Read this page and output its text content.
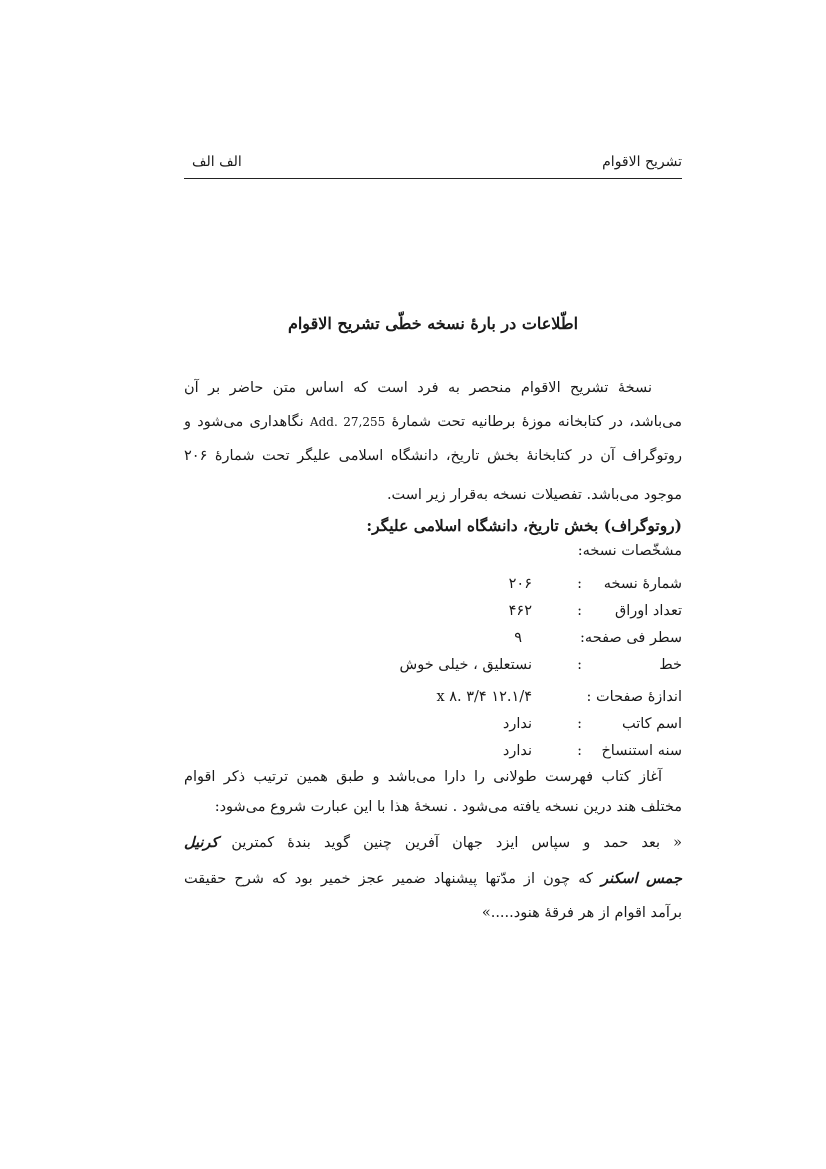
تشریح الاقوام
الف الف
اطّلاعات در بارۀ نسخه خطّی تشریح الاقوام
نسخۀ تشریح الاقوام منحصر به فرد است که اساس متن حاضر بر آن
می‌باشد، در کتابخانه موزۀ برطانیه تحت شمارۀ Add. 27,255 نگاهداری می‌شود و
روتوگراف آن در کتابخانۀ بخش تاریخ، دانشگاه اسلامی علیگر تحت شمارۀ ۲۰۶
موجود می‌باشد. تفصیلات نسخه به‌قرار زیر است.
(روتوگراف) بخش تاریخ، دانشگاه اسلامی علیگر:
مشخّصات نسخه:
شمارۀ نسخه
:
۲۰۶
تعداد اوراق
:
۴۶۲
سطر فی صفحه:
۹
خط
:
نستعلیق ، خیلی خوش
اندازۀ صفحات :
۱۲.۱/۴ x ۸. ۳/۴
اسم کاتب
:
ندارد
سنه استنساخ
:
ندارد
آغاز کتاب فهرست طولانی را دارا می‌باشد و طبق همین ترتیب ذکر اقوام
مختلف هند درین نسخه یافته می‌شود . نسخۀ هذا با این عبارت شروع می‌شود:
« بعد حمد و سپاس ایزد جهان آفرین چنین گوید بندۀ کمترین کرنیل
جمس اسکنر که چون از مدّتها پیشنهاد ضمیر عجز خمیر بود که شرح حقیقت
برآمد اقوام از هر فرقۀ هنود.....»
